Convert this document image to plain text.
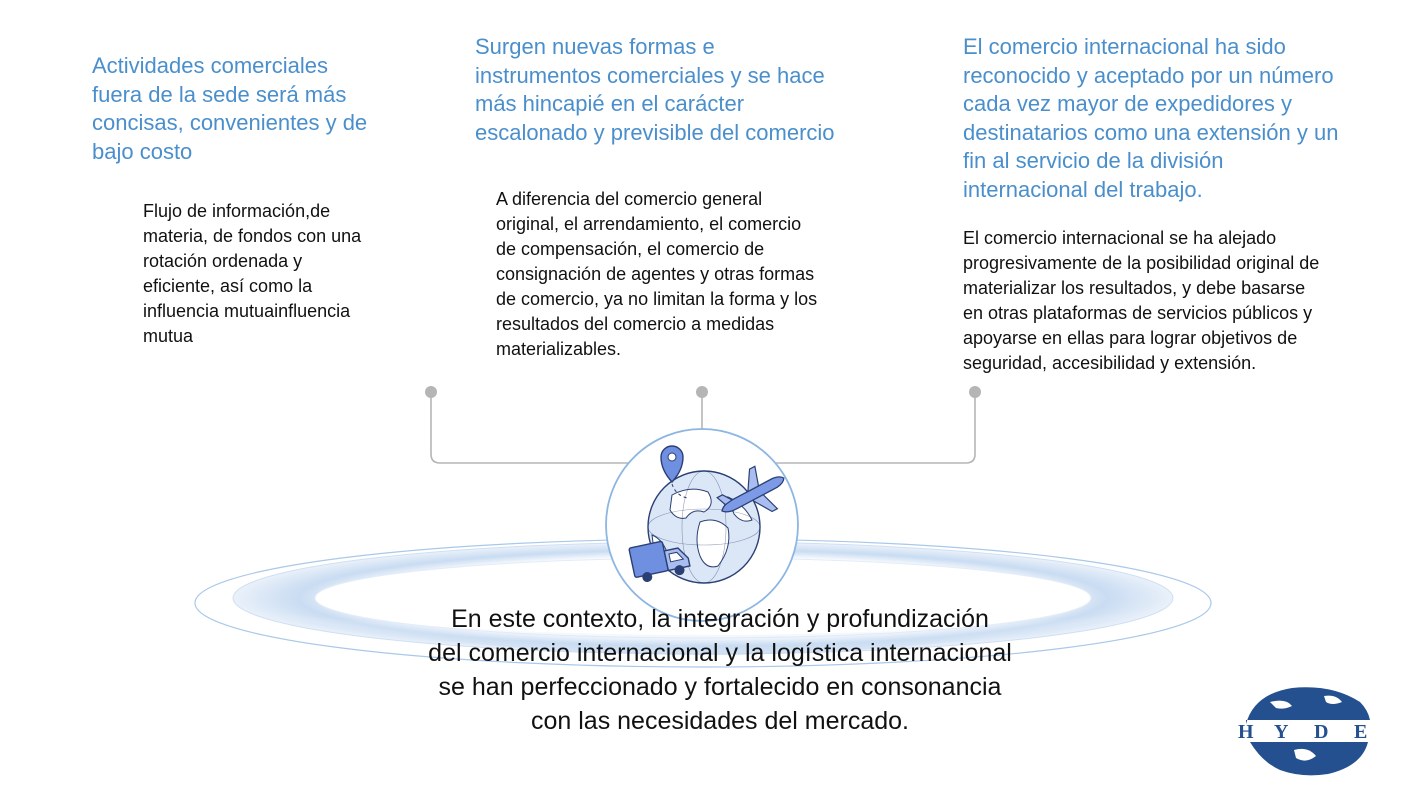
Actividades comerciales
fuera de la sede será más
concisas, convenientes y de
bajo costo

Flujo de información,de
materia, de fondos con una
rotación ordenada y
eficiente, así como la
influencia mutuainfluencia
mutua

Surgen nuevas formas e
instrumentos comerciales y se hace
más hincapié en el carácter
escalonado y previsible del comercio

A diferencia del comercio general
original, el arrendamiento, el comercio
de compensación, el comercio de
consignación de agentes y otras formas
de comercio, ya no limitan la forma y los
resultados del comercio a medidas
materializables.

El comercio internacional ha sido
reconocido y aceptado por un número
cada vez mayor de expedidores y
destinatarios como una extensión y un
fin al servicio de la división
internacional del trabajo.

El comercio internacional se ha alejado
progresivamente de la posibilidad original de
materializar los resultados, y debe basarse
en otras plataformas de servicios públicos y
apoyarse en ellas para lograr objetivos de
seguridad, accesibilidad y extensión.

En este contexto, la integración y profundización
del comercio internacional y la logística internacional
se han perfeccionado y fortalecido en consonancia
con las necesidades del mercado.	H Y D E
